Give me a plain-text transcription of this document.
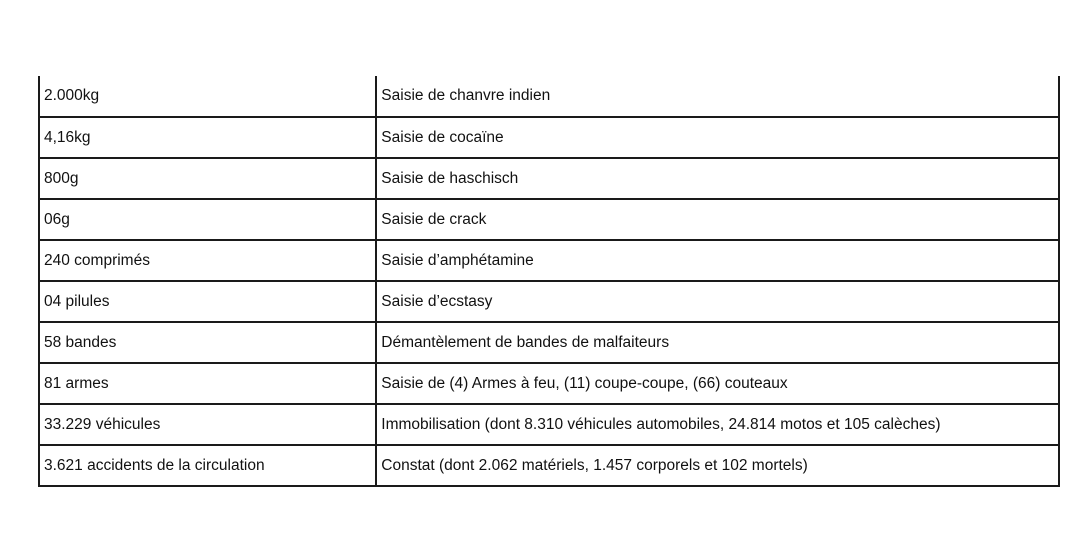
2.000kg	Saisie de chanvre indien
4,16kg	Saisie de cocaïne
800g	Saisie de haschisch
06g	Saisie de crack
240 comprimés	Saisie d’amphétamine
04 pilules	Saisie d’ecstasy
58 bandes	Démantèlement de bandes de malfaiteurs
81 armes	Saisie de (4) Armes à feu, (11) coupe-coupe, (66) couteaux
33.229 véhicules	Immobilisation (dont 8.310 véhicules automobiles, 24.814 motos et 105 calèches)
3.621 accidents de la circulation	Constat (dont 2.062 matériels, 1.457 corporels et 102 mortels)
